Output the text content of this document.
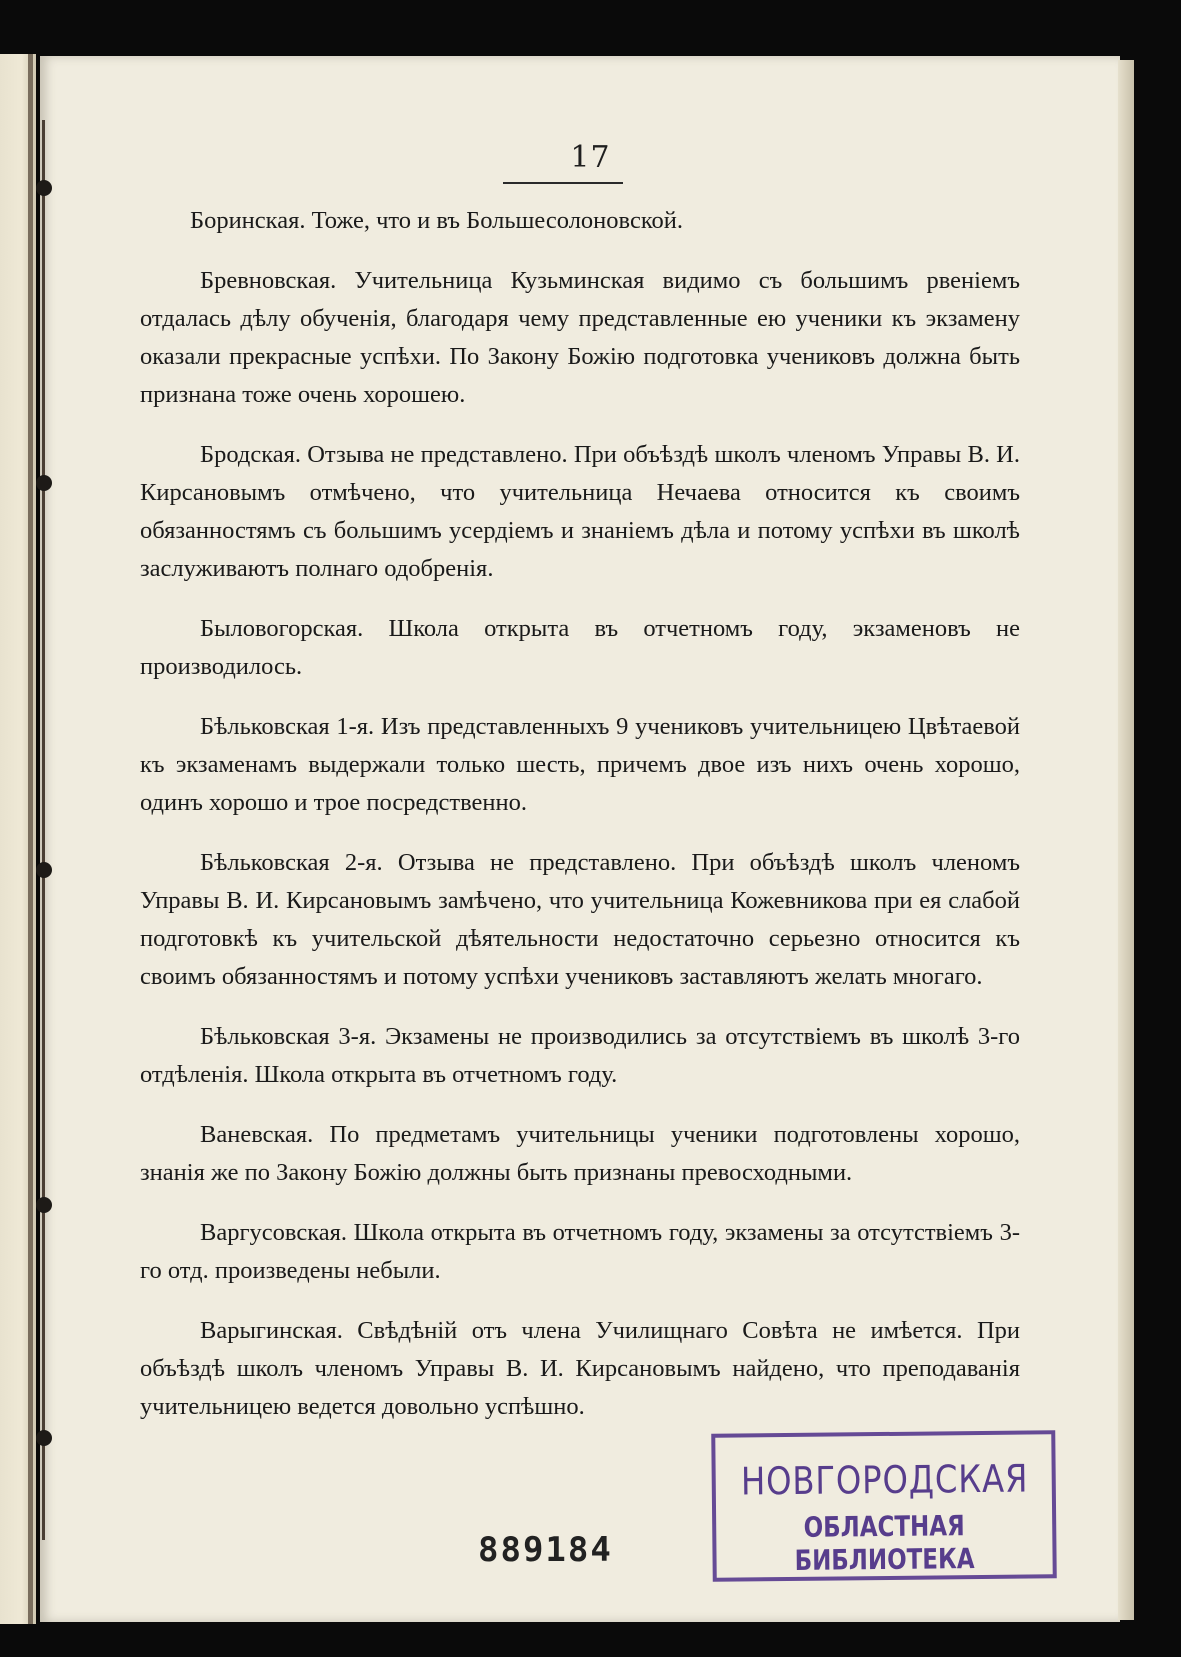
17

Боринская. Тоже, что и въ Большесолоновской.

Бревновская. Учительница Кузьминская видимо съ большимъ рвеніемъ отдалась дѣлу обученія, благодаря чему представленные ею ученики къ экзамену оказали прекрасные успѣхи. По Закону Божію подготовка учениковъ должна быть признана тоже очень хорошею.

Бродская. Отзыва не представлено. При объѣздѣ школъ членомъ Управы В. И. Кирсановымъ отмѣчено, что учительница Нечаева относится къ своимъ обязанностямъ съ большимъ усердіемъ и знаніемъ дѣла и потому успѣхи въ школѣ заслуживаютъ полнаго одобренія.

Быловогорская. Школа открыта въ отчетномъ году, экзаменовъ не производилось.

Бѣльковская 1-я. Изъ представленныхъ 9 учениковъ учительницею Цвѣтаевой къ экзаменамъ выдержали только шесть, причемъ двое изъ нихъ очень хорошо, одинъ хорошо и трое посредственно.

Бѣльковская 2-я. Отзыва не представлено. При объѣздѣ школъ членомъ Управы В. И. Кирсановымъ замѣчено, что учительница Кожевникова при ея слабой подготовкѣ къ учительской дѣятельности недостаточно серьезно относится къ своимъ обязанностямъ и потому успѣхи учениковъ заставляютъ желать многаго.

Бѣльковская 3-я. Экзамены не производились за отсутствіемъ въ школѣ 3-го отдѣленія. Школа открыта въ отчетномъ году.

Ваневская. По предметамъ учительницы ученики подготовлены хорошо, знанія же по Закону Божію должны быть признаны превосходными.

Варгусовская. Школа открыта въ отчетномъ году, экзамены за отсутствіемъ 3-го отд. произведены небыли.

Варыгинская. Свѣдѣній отъ члена Училищнаго Совѣта не имѣется. При объѣздѣ школъ членомъ Управы В. И. Кирсановымъ найдено, что преподаванія учительницею ведется довольно успѣшно.

889184
НОВГОРОДСКАЯ
ОБЛАСТНАЯ БИБЛИОТЕКА
